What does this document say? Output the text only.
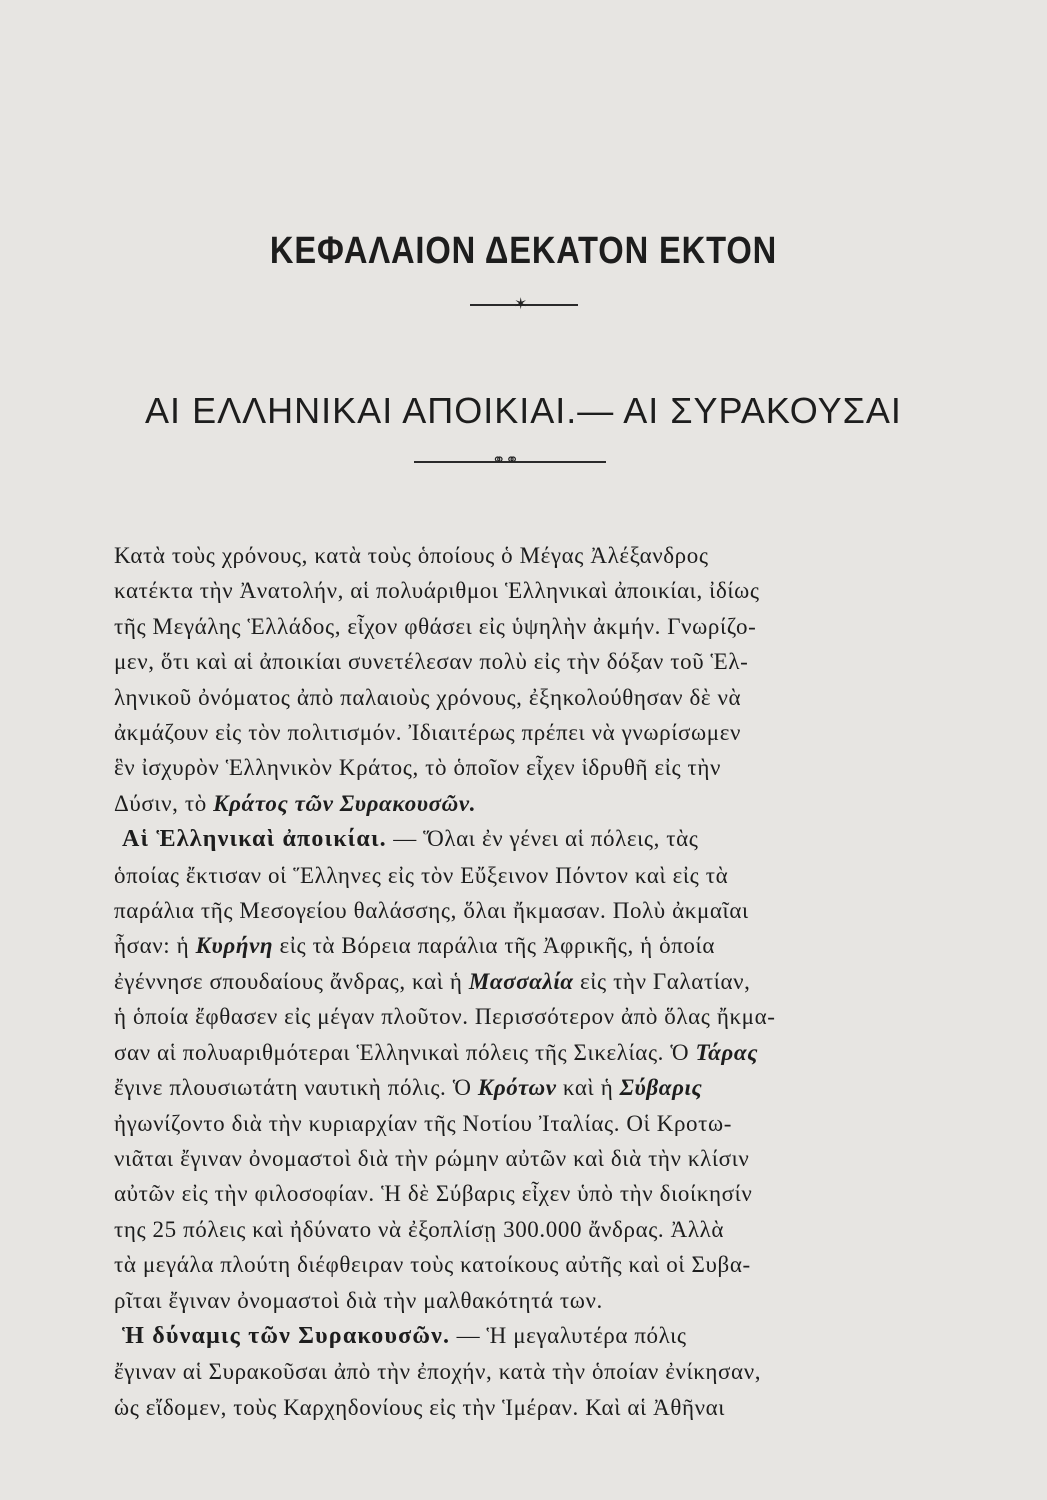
ΚΕΦΑΛΑΙΟΝ ΔΕΚΑΤΟΝ ΕΚΤΟΝ
✶
ΑΙ ΕΛΛΗΝΙΚΑΙ ΑΠΟΙΚΙΑΙ.— ΑΙ ΣΥΡΑΚΟΥΣΑΙ
⚭⚭
Κατὰ τοὺς χρόνους, κατὰ τοὺς ὁποίους ὁ Μέγας Ἀλέξανδρος
κατέκτα τὴν Ἀνατολήν, αἱ πολυάριθμοι Ἑλληνικαὶ ἀποικίαι, ἰδίως
τῆς Μεγάλης Ἑλλάδος, εἶχον φθάσει εἰς ὑψηλὴν ἀκμήν. Γνωρίζο-
μεν, ὅτι καὶ αἱ ἀποικίαι συνετέλεσαν πολὺ εἰς τὴν δόξαν τοῦ Ἑλ-
ληνικοῦ ὀνόματος ἀπὸ παλαιοὺς χρόνους, ἐξηκολούθησαν δὲ νὰ
ἀκμάζουν εἰς τὸν πολιτισμόν. Ἰδιαιτέρως πρέπει νὰ γνωρίσωμεν
ἓν ἰσχυρὸν Ἑλληνικὸν Κράτος, τὸ ὁποῖον εἶχεν ἱδρυθῆ εἰς τὴν
Δύσιν, τὸ Κράτος τῶν Συρακουσῶν.
Αἱ Ἑλληνικαὶ ἀποικίαι. — Ὅλαι ἐν γένει αἱ πόλεις, τὰς
ὁποίας ἔκτισαν οἱ Ἕλληνες εἰς τὸν Εὔξεινον Πόντον καὶ εἰς τὰ
παράλια τῆς Μεσογείου θαλάσσης, ὅλαι ἤκμασαν. Πολὺ ἀκμαῖαι
ἦσαν: ἡ Κυρήνη εἰς τὰ Βόρεια παράλια τῆς Ἀφρικῆς, ἡ ὁποία
ἐγέννησε σπουδαίους ἄνδρας, καὶ ἡ Μασσαλία εἰς τὴν Γαλατίαν,
ἡ ὁποία ἔφθασεν εἰς μέγαν πλοῦτον. Περισσότερον ἀπὸ ὅλας ἤκμα-
σαν αἱ πολυαριθμότεραι Ἑλληνικαὶ πόλεις τῆς Σικελίας. Ὁ Τάρας
ἔγινε πλουσιωτάτη ναυτικὴ πόλις. Ὁ Κρότων καὶ ἡ Σύβαρις
ἠγωνίζοντο διὰ τὴν κυριαρχίαν τῆς Νοτίου Ἰταλίας. Οἱ Κροτω-
νιᾶται ἔγιναν ὀνομαστοὶ διὰ τὴν ρώμην αὐτῶν καὶ διὰ τὴν κλίσιν
αὐτῶν εἰς τὴν φιλοσοφίαν. Ἡ δὲ Σύβαρις εἶχεν ὑπὸ τὴν διοίκησίν
της 25 πόλεις καὶ ἠδύνατο νὰ ἐξοπλίσῃ 300.000 ἄνδρας. Ἀλλὰ
τὰ μεγάλα πλούτη διέφθειραν τοὺς κατοίκους αὐτῆς καὶ οἱ Συβα-
ρῖται ἔγιναν ὀνομαστοὶ διὰ τὴν μαλθακότητά των.
Ἡ δύναμις τῶν Συρακουσῶν. — Ἡ μεγαλυτέρα πόλις
ἔγιναν αἱ Συρακοῦσαι ἀπὸ τὴν ἐποχήν, κατὰ τὴν ὁποίαν ἐνίκησαν,
ὡς εἴδομεν, τοὺς Καρχηδονίους εἰς τὴν Ἱμέραν. Καὶ αἱ Ἀθῆναι
